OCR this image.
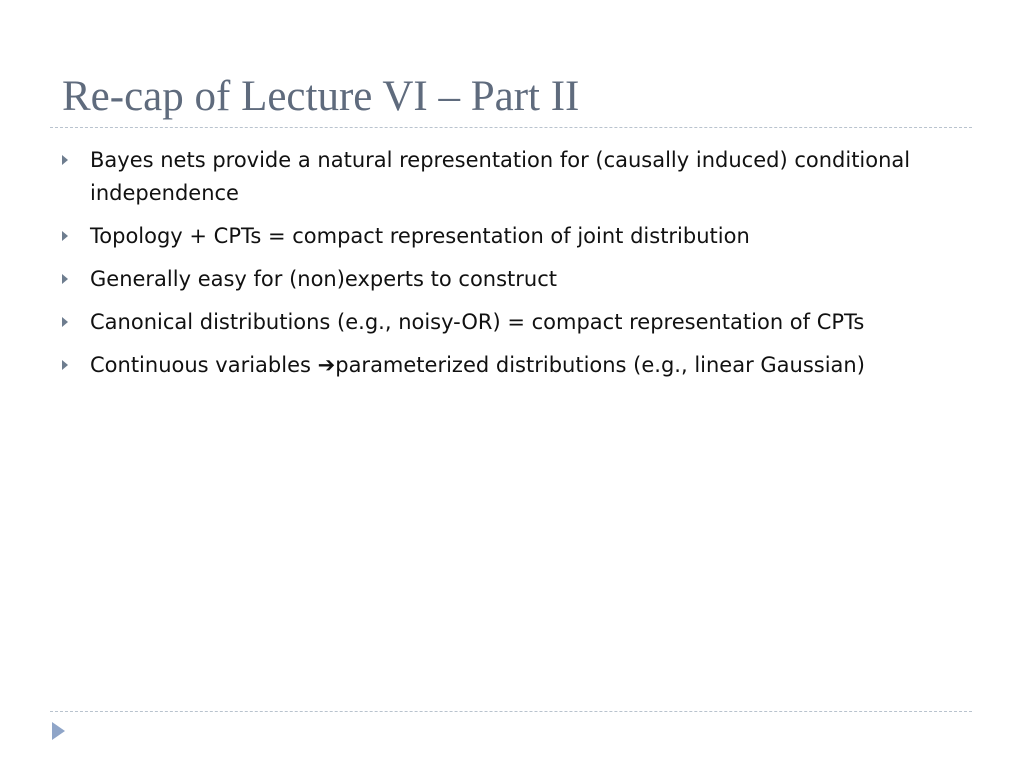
Re-cap of Lecture VI – Part II
Bayes nets provide a natural representation for (causally induced) conditional independence
Topology + CPTs = compact representation of joint distribution
Generally easy for (non)experts to construct
Canonical distributions (e.g., noisy-OR) = compact representation of CPTs
Continuous variables ➔parameterized distributions (e.g., linear Gaussian)
